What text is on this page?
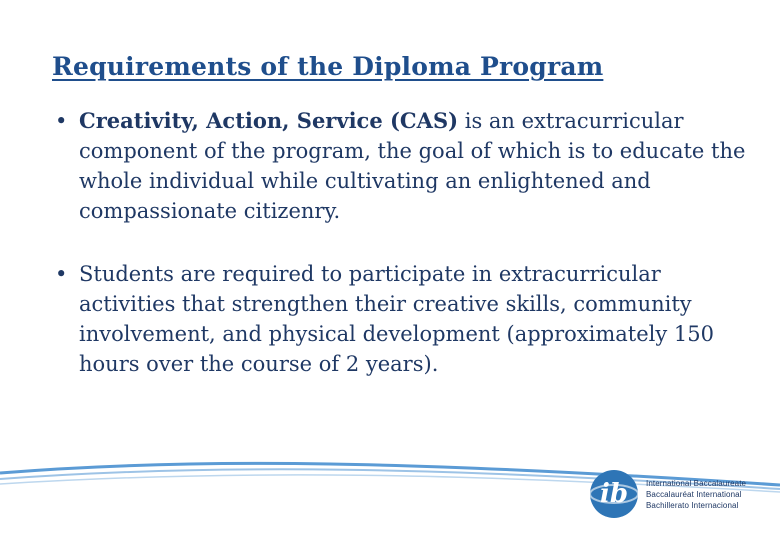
Requirements of the Diploma Program
• Creativity, Action, Service (CAS) is an extracurricular component of the program, the goal of which is to educate the whole individual while cultivating an enlightened and compassionate citizenry.
• Students are required to participate in extracurricular activities that strengthen their creative skills, community involvement, and physical development (approximately 150 hours over the course of 2 years).
ib International Baccalaureate
Baccalauréat International
Bachillerato Internacional
